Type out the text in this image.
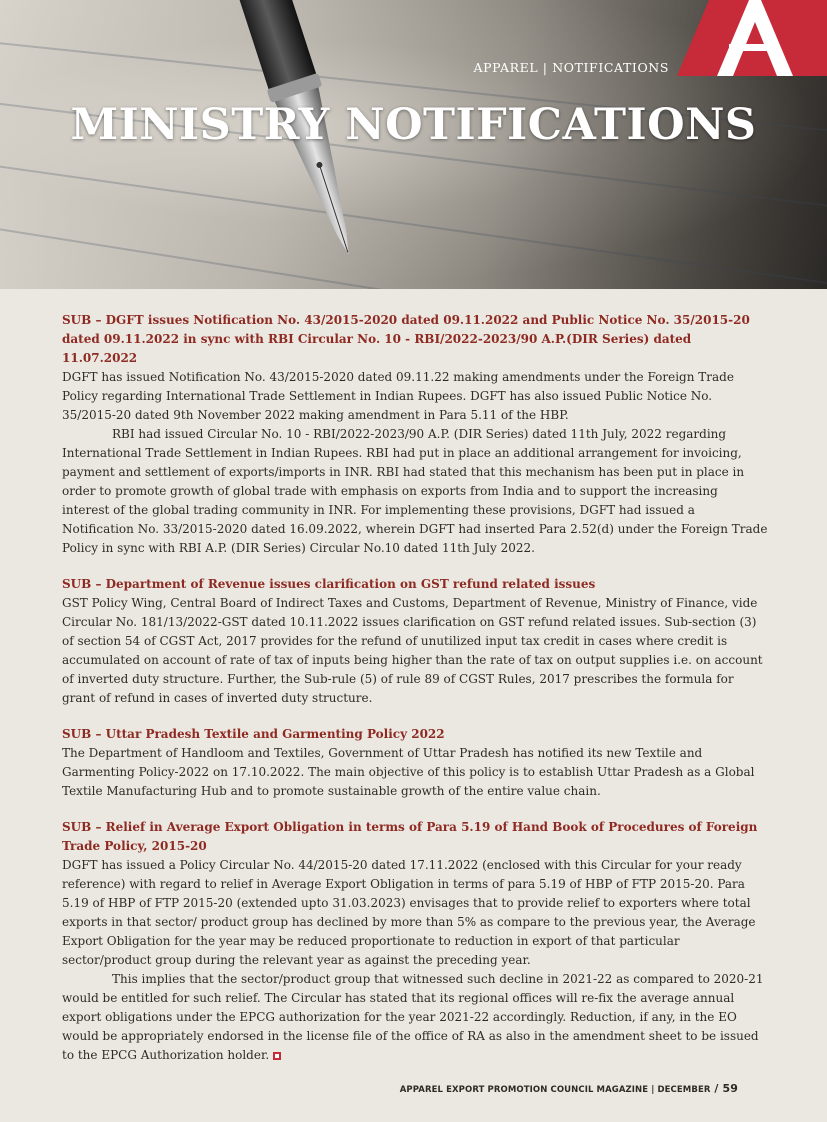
APPAREL | NOTIFICATIONS
MINISTRY NOTIFICATIONS

SUB – DGFT issues Notification No. 43/2015-2020 dated 09.11.2022 and Public Notice No. 35/2015-20 dated 09.11.2022 in sync with RBI Circular No. 10 - RBI/2022-2023/90 A.P.(DIR Series) dated 11.07.2022

DGFT has issued Notification No. 43/2015-2020 dated 09.11.22 making amendments under the Foreign Trade Policy regarding International Trade Settlement in Indian Rupees. DGFT has also issued Public Notice No. 35/2015-20 dated 9th November 2022 making amendment in Para 5.11 of the HBP.

RBI had issued Circular No. 10 - RBI/2022-2023/90 A.P. (DIR Series) dated 11th July, 2022 regarding International Trade Settlement in Indian Rupees. RBI had put in place an additional arrangement for invoicing, payment and settlement of exports/imports in INR. RBI had stated that this mechanism has been put in place in order to promote growth of global trade with emphasis on exports from India and to support the increasing interest of the global trading community in INR. For implementing these provisions, DGFT had issued a Notification No. 33/2015-2020 dated 16.09.2022, wherein DGFT had inserted Para 2.52(d) under the Foreign Trade Policy in sync with RBI A.P. (DIR Series) Circular No.10 dated 11th July 2022.

SUB – Department of Revenue issues clarification on GST refund related issues

GST Policy Wing, Central Board of Indirect Taxes and Customs, Department of Revenue, Ministry of Finance, vide Circular No. 181/13/2022-GST dated 10.11.2022 issues clarification on GST refund related issues. Sub-section (3) of section 54 of CGST Act, 2017 provides for the refund of unutilized input tax credit in cases where credit is accumulated on account of rate of tax of inputs being higher than the rate of tax on output supplies i.e. on account of inverted duty structure. Further, the Sub-rule (5) of rule 89 of CGST Rules, 2017 prescribes the formula for grant of refund in cases of inverted duty structure.

SUB – Uttar Pradesh Textile and Garmenting Policy 2022

The Department of Handloom and Textiles, Government of Uttar Pradesh has notified its new Textile and Garmenting Policy-2022 on 17.10.2022. The main objective of this policy is to establish Uttar Pradesh as a Global Textile Manufacturing Hub and to promote sustainable growth of the entire value chain.

SUB – Relief in Average Export Obligation in terms of Para 5.19 of Hand Book of Procedures of Foreign Trade Policy, 2015-20

DGFT has issued a Policy Circular No. 44/2015-20 dated 17.11.2022 (enclosed with this Circular for your ready reference) with regard to relief in Average Export Obligation in terms of para 5.19 of HBP of FTP 2015-20. Para 5.19 of HBP of FTP 2015-20 (extended upto 31.03.2023) envisages that to provide relief to exporters where total exports in that sector/ product group has declined by more than 5% as compare to the previous year, the Average Export Obligation for the year may be reduced proportionate to reduction in export of that particular sector/product group during the relevant year as against the preceding year.

This implies that the sector/product group that witnessed such decline in 2021-22 as compared to 2020-21 would be entitled for such relief. The Circular has stated that its regional offices will re-fix the average annual export obligations under the EPCG authorization for the year 2021-22 accordingly. Reduction, if any, in the EO would be appropriately endorsed in the license file of the office of RA as also in the amendment sheet to be issued to the EPCG Authorization holder.

APPAREL EXPORT PROMOTION COUNCIL MAGAZINE | DECEMBER / 59
